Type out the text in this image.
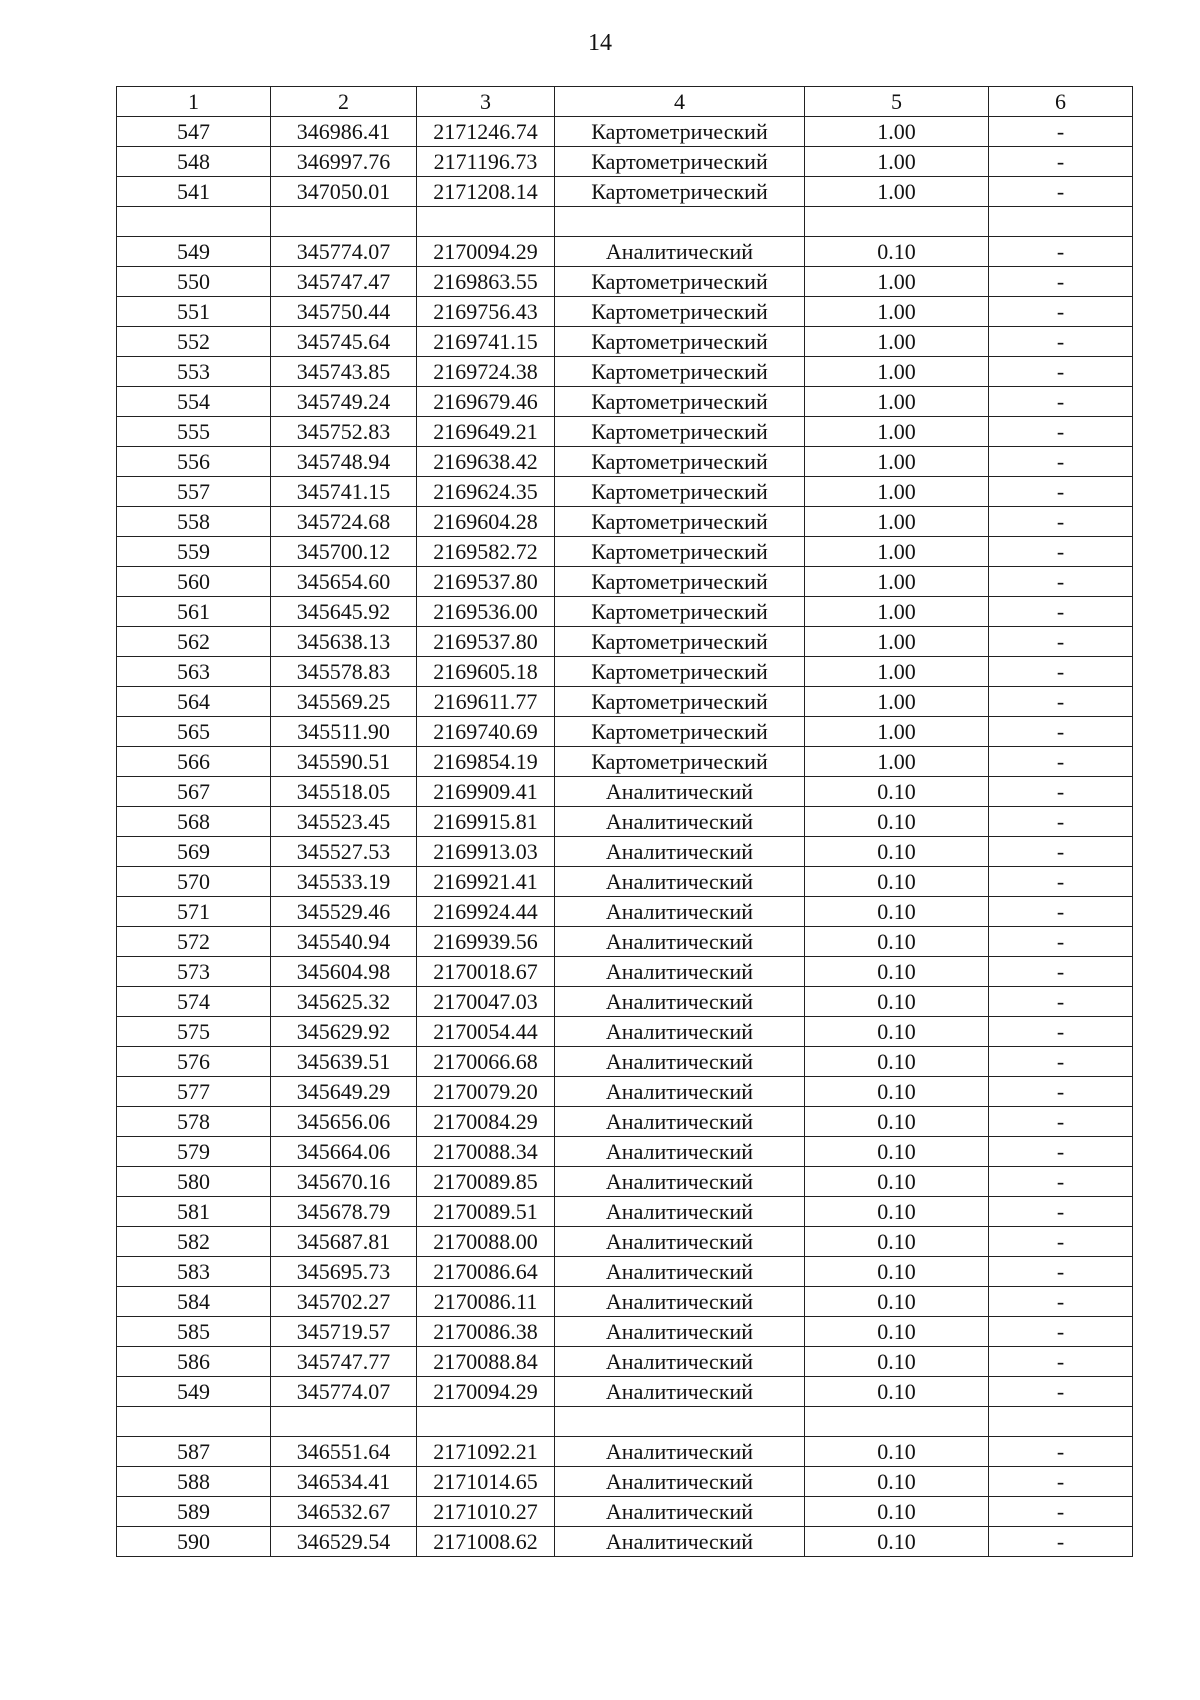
14
1	2	3	4	5	6
547	346986.41	2171246.74	Картометрический	1.00	-
548	346997.76	2171196.73	Картометрический	1.00	-
541	347050.01	2171208.14	Картометрический	1.00	-

549	345774.07	2170094.29	Аналитический	0.10	-
550	345747.47	2169863.55	Картометрический	1.00	-
551	345750.44	2169756.43	Картометрический	1.00	-
552	345745.64	2169741.15	Картометрический	1.00	-
553	345743.85	2169724.38	Картометрический	1.00	-
554	345749.24	2169679.46	Картометрический	1.00	-
555	345752.83	2169649.21	Картометрический	1.00	-
556	345748.94	2169638.42	Картометрический	1.00	-
557	345741.15	2169624.35	Картометрический	1.00	-
558	345724.68	2169604.28	Картометрический	1.00	-
559	345700.12	2169582.72	Картометрический	1.00	-
560	345654.60	2169537.80	Картометрический	1.00	-
561	345645.92	2169536.00	Картометрический	1.00	-
562	345638.13	2169537.80	Картометрический	1.00	-
563	345578.83	2169605.18	Картометрический	1.00	-
564	345569.25	2169611.77	Картометрический	1.00	-
565	345511.90	2169740.69	Картометрический	1.00	-
566	345590.51	2169854.19	Картометрический	1.00	-
567	345518.05	2169909.41	Аналитический	0.10	-
568	345523.45	2169915.81	Аналитический	0.10	-
569	345527.53	2169913.03	Аналитический	0.10	-
570	345533.19	2169921.41	Аналитический	0.10	-
571	345529.46	2169924.44	Аналитический	0.10	-
572	345540.94	2169939.56	Аналитический	0.10	-
573	345604.98	2170018.67	Аналитический	0.10	-
574	345625.32	2170047.03	Аналитический	0.10	-
575	345629.92	2170054.44	Аналитический	0.10	-
576	345639.51	2170066.68	Аналитический	0.10	-
577	345649.29	2170079.20	Аналитический	0.10	-
578	345656.06	2170084.29	Аналитический	0.10	-
579	345664.06	2170088.34	Аналитический	0.10	-
580	345670.16	2170089.85	Аналитический	0.10	-
581	345678.79	2170089.51	Аналитический	0.10	-
582	345687.81	2170088.00	Аналитический	0.10	-
583	345695.73	2170086.64	Аналитический	0.10	-
584	345702.27	2170086.11	Аналитический	0.10	-
585	345719.57	2170086.38	Аналитический	0.10	-
586	345747.77	2170088.84	Аналитический	0.10	-
549	345774.07	2170094.29	Аналитический	0.10	-

587	346551.64	2171092.21	Аналитический	0.10	-
588	346534.41	2171014.65	Аналитический	0.10	-
589	346532.67	2171010.27	Аналитический	0.10	-
590	346529.54	2171008.62	Аналитический	0.10	-
